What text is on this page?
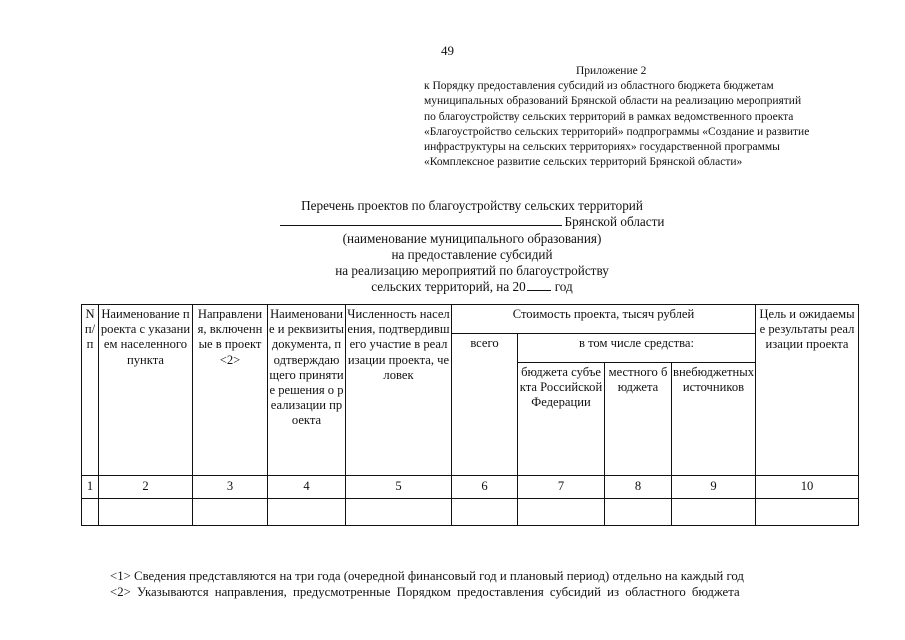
49
Приложение 2
к Порядку предоставления субсидий из областного бюджета бюджетам
муниципальных образований Брянской области на реализацию мероприятий
по благоустройству сельских территорий в рамках ведомственного проекта
«Благоустройство сельских территорий» подпрограммы «Создание и развитие
инфраструктуры на сельских территориях» государственной программы
«Комплексное развитие сельских территорий Брянской области»
Перечень проектов по благоустройству сельских территорий
Брянской области
(наименование муниципального образования)
на предоставление субсидий
на реализацию мероприятий по благоустройству
сельских территорий, на 20 год
N п/п	Наименование проекта с указанием населенного пункта	Направления, включенные в проект <2>	Наименование и реквизиты документа, подтверждающего принятие решения о реализации проекта	Численность населения, подтвердившего участие в реализации проекта, человек	Стоимость проекта, тысяч рублей				Цель и ожидаемые результаты реализации проекта
					всего	в том числе средства:			
						бюджета субъекта Российской Федерации	местного бюджета	внебюджетных источников	
1	2	3	4	5	6	7	8	9	10

<1> Сведения представляются на три года (очередной финансовый год и плановый период) отдельно на каждый год
<2> Указываются направления, предусмотренные Порядком предоставления субсидий из областного бюджета
